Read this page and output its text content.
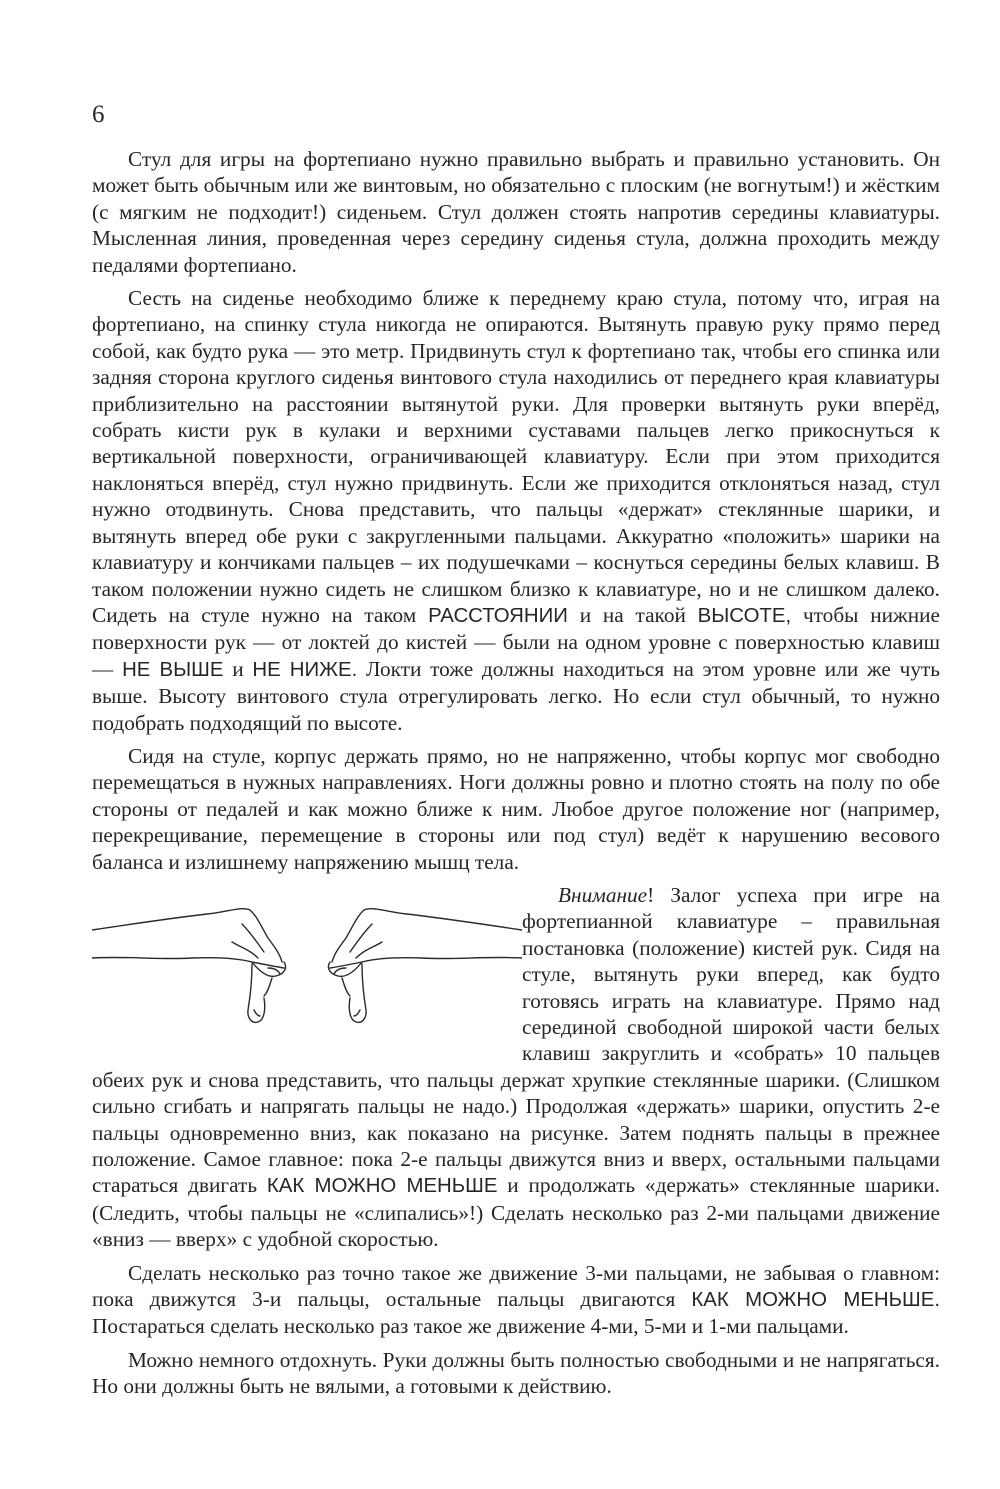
6

Стул для игры на фортепиано нужно правильно выбрать и правильно установить. Он может быть обычным или же винтовым, но обязательно с плоским (не вогнутым!) и жёстким (с мягким не подходит!) сиденьем. Стул должен стоять напротив середины клавиатуры. Мысленная линия, проведенная через середину сиденья стула, должна проходить между педалями фортепиано.

Сесть на сиденье необходимо ближе к переднему краю стула, потому что, играя на фортепиано, на спинку стула никогда не опираются. Вытянуть правую руку прямо перед собой, как будто рука — это метр. Придвинуть стул к фортепиано так, чтобы его спинка или задняя сторона круглого сиденья винтового стула находились от переднего края клавиатуры приблизительно на расстоянии вытянутой руки. Для проверки вытянуть руки вперёд, собрать кисти рук в кулаки и верхними суставами пальцев легко прикоснуться к вертикальной поверхности, ограничивающей клавиатуру. Если при этом приходится наклоняться вперёд, стул нужно придвинуть. Если же приходится отклоняться назад, стул нужно отодвинуть. Снова представить, что пальцы «держат» стеклянные шарики, и вытянуть вперед обе руки с закругленными пальцами. Аккуратно «положить» шарики на клавиатуру и кончиками пальцев – их подушечками – коснуться середины белых клавиш. В таком положении нужно сидеть не слишком близко к клавиатуре, но и не слишком далеко. Сидеть на стуле нужно на таком РАССТОЯНИИ и на такой ВЫСОТЕ, чтобы нижние поверхности рук — от локтей до кистей — были на одном уровне с поверхностью клавиш — НЕ ВЫШЕ и НЕ НИЖЕ. Локти тоже должны находиться на этом уровне или же чуть выше. Высоту винтового стула отрегулировать легко. Но если стул обычный, то нужно подобрать подходящий по высоте.

Сидя на стуле, корпус держать прямо, но не напряженно, чтобы корпус мог свободно перемещаться в нужных направлениях. Ноги должны ровно и плотно стоять на полу по обе стороны от педалей и как можно ближе к ним. Любое другое положение ног (например, перекрещивание, перемещение в стороны или под стул) ведёт к нарушению весового баланса и излишнему напряжению мышц тела.

Внимание! Залог успеха при игре на фортепианной клавиатуре – правильная постановка (положение) кистей рук. Сидя на стуле, вытянуть руки вперед, как будто готовясь играть на клавиатуре. Прямо над серединой свободной широкой части белых клавиш закруглить и «собрать» 10 пальцев обеих рук и снова представить, что пальцы держат хрупкие стеклянные шарики. (Слишком сильно сгибать и напрягать пальцы не надо.) Продолжая «держать» шарики, опустить 2-е пальцы одновременно вниз, как показано на рисунке. Затем поднять пальцы в прежнее положение. Самое главное: пока 2-е пальцы движутся вниз и вверх, остальными пальцами стараться двигать КАК МОЖНО МЕНЬШЕ и продолжать «держать» стеклянные шарики. (Следить, чтобы пальцы не «слипались»!) Сделать несколько раз 2-ми пальцами движение «вниз — вверх» с удобной скоростью.

Сделать несколько раз точно такое же движение 3-ми пальцами, не забывая о главном: пока движутся 3-и пальцы, остальные пальцы двигаются КАК МОЖНО МЕНЬШЕ. Постараться сделать несколько раз такое же движение 4-ми, 5-ми и 1-ми пальцами.

Можно немного отдохнуть. Руки должны быть полностью свободными и не напрягаться. Но они должны быть не вялыми, а готовыми к действию.
